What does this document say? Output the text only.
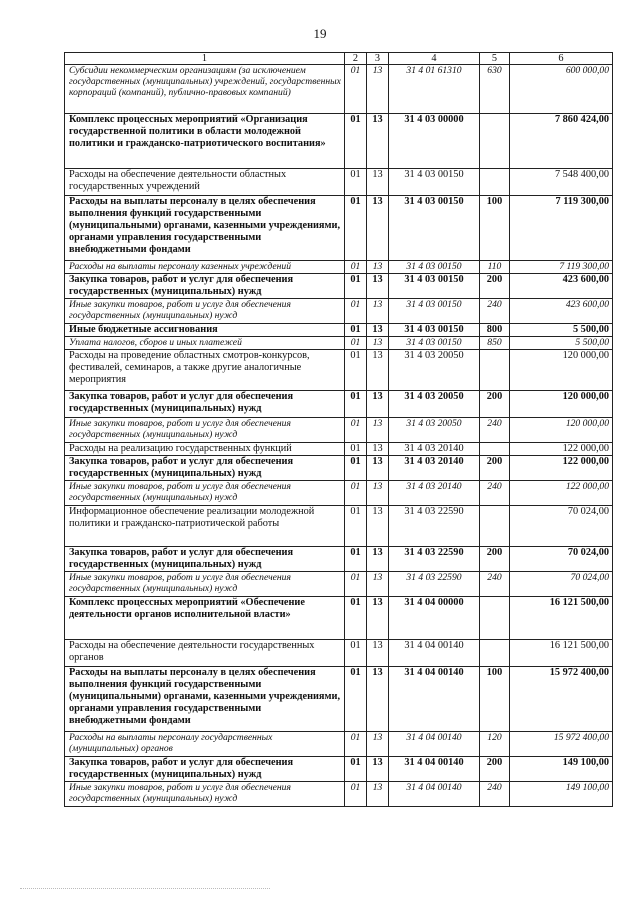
19
1	2	3	4	5	6
Субсидии некоммерческим организациям (за исключением государственных (муниципальных) учреждений, государственных корпораций (компаний), публично-правовых компаний)	01	13	31 4 01 61310	630	600 000,00
Комплекс процессных мероприятий «Организация государственной политики в области молодежной политики и гражданско-патриотического воспитания»	01	13	31 4 03 00000		7 860 424,00
Расходы на обеспечение деятельности областных государственных учреждений	01	13	31 4 03 00150		7 548 400,00
Расходы на выплаты персоналу в целях обеспечения выполнения функций государственными (муниципальными) органами, казенными учреждениями, органами управления государственными внебюджетными фондами	01	13	31 4 03 00150	100	7 119 300,00
Расходы на выплаты персоналу казенных учреждений	01	13	31 4 03 00150	110	7 119 300,00
Закупка товаров, работ и услуг для обеспечения государственных (муниципальных) нужд	01	13	31 4 03 00150	200	423 600,00
Иные закупки товаров, работ и услуг для обеспечения государственных (муниципальных) нужд	01	13	31 4 03 00150	240	423 600,00
Иные бюджетные ассигнования	01	13	31 4 03 00150	800	5 500,00
Уплата налогов, сборов и иных платежей	01	13	31 4 03 00150	850	5 500,00
Расходы на проведение областных смотров-конкурсов, фестивалей, семинаров, а также другие аналогичные мероприятия	01	13	31 4 03 20050		120 000,00
Закупка товаров, работ и услуг для обеспечения государственных (муниципальных) нужд	01	13	31 4 03 20050	200	120 000,00
Иные закупки товаров, работ и услуг для обеспечения государственных (муниципальных) нужд	01	13	31 4 03 20050	240	120 000,00
Расходы на реализацию государственных функций	01	13	31 4 03 20140		122 000,00
Закупка товаров, работ и услуг для обеспечения государственных (муниципальных) нужд	01	13	31 4 03 20140	200	122 000,00
Иные закупки товаров, работ и услуг для обеспечения государственных (муниципальных) нужд	01	13	31 4 03 20140	240	122 000,00
Информационное обеспечение реализации молодежной политики и гражданско-патриотической работы	01	13	31 4 03 22590		70 024,00
Закупка товаров, работ и услуг для обеспечения государственных (муниципальных) нужд	01	13	31 4 03 22590	200	70 024,00
Иные закупки товаров, работ и услуг для обеспечения государственных (муниципальных) нужд	01	13	31 4 03 22590	240	70 024,00
Комплекс процессных мероприятий «Обеспечение деятельности органов исполнительной власти»	01	13	31 4 04 00000		16 121 500,00
Расходы на обеспечение деятельности государственных органов	01	13	31 4 04 00140		16 121 500,00
Расходы на выплаты персоналу в целях обеспечения выполнения функций государственными (муниципальными) органами, казенными учреждениями, органами управления государственными внебюджетными фондами	01	13	31 4 04 00140	100	15 972 400,00
Расходы на выплаты персоналу государственных (муниципальных) органов	01	13	31 4 04 00140	120	15 972 400,00
Закупка товаров, работ и услуг для обеспечения государственных (муниципальных) нужд	01	13	31 4 04 00140	200	149 100,00
Иные закупки товаров, работ и услуг для обеспечения государственных (муниципальных) нужд	01	13	31 4 04 00140	240	149 100,00
